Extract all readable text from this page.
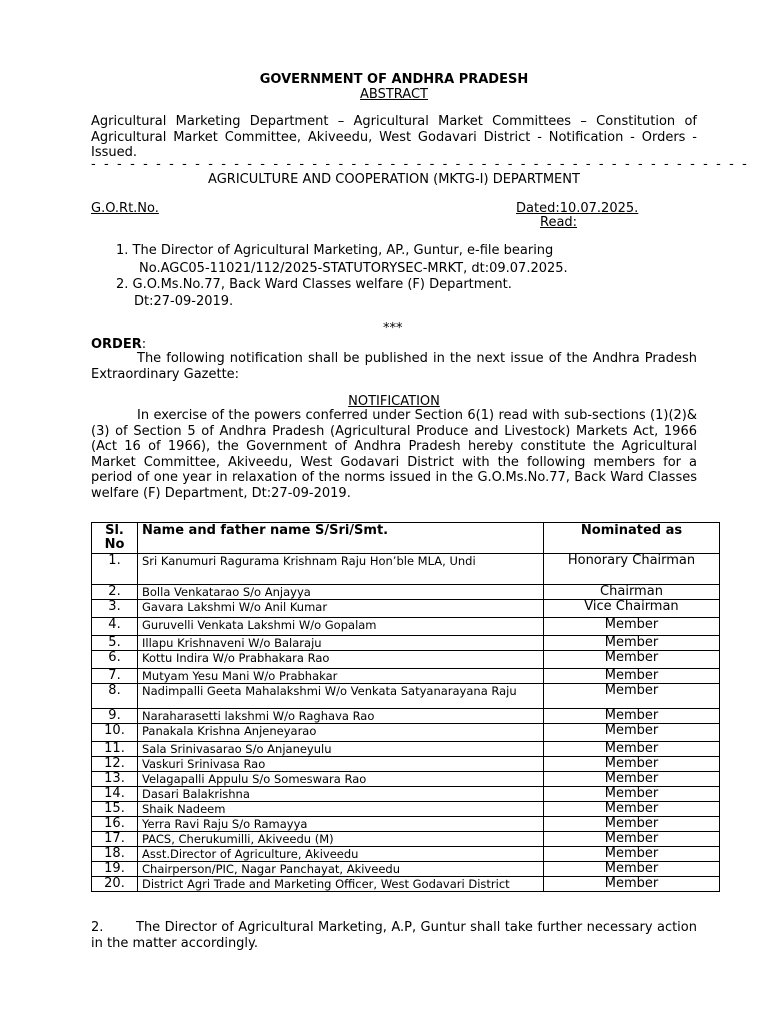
GOVERNMENT OF ANDHRA PRADESH
ABSTRACT
Agricultural Marketing Department – Agricultural Market Committees – Constitution of Agricultural Market Committee, Akiveedu, West Godavari District - Notification - Orders - Issued.
- - - - - - - - - - - - - - - - - - - - - - - - - - - - - - - - - - - - - - - - - - - - - - - - - - -
AGRICULTURE AND COOPERATION (MKTG-I) DEPARTMENT
G.O.Rt.No.	Dated:10.07.2025.
Read:
1. The Director of Agricultural Marketing, AP., Guntur, e-file bearing
No.AGC05-11021/112/2025-STATUTORYSEC-MRKT, dt:09.07.2025.
2. G.O.Ms.No.77, Back Ward Classes welfare (F) Department.
Dt:27-09-2019.
***
ORDER:
The following notification shall be published in the next issue of the Andhra Pradesh Extraordinary Gazette:
NOTIFICATION
In exercise of the powers conferred under Section 6(1) read with sub-sections (1)(2)&(3) of Section 5 of Andhra Pradesh (Agricultural Produce and Livestock) Markets Act, 1966 (Act 16 of 1966), the Government of Andhra Pradesh hereby constitute the Agricultural Market Committee, Akiveedu, West Godavari District with the following members for a period of one year in relaxation of the norms issued in the G.O.Ms.No.77, Back Ward Classes welfare (F) Department, Dt:27-09-2019.
Sl. No	Name and father name S/Sri/Smt.	Nominated as
1.	Sri Kanumuri Ragurama Krishnam Raju Hon’ble MLA, Undi	Honorary Chairman
2.	Bolla Venkatarao S/o Anjayya	Chairman
3.	Gavara Lakshmi W/o Anil Kumar	Vice Chairman
4.	Guruvelli Venkata Lakshmi W/o Gopalam	Member
5.	Illapu Krishnaveni W/o Balaraju	Member
6.	Kottu Indira W/o Prabhakara Rao	Member
7.	Mutyam Yesu Mani W/o Prabhakar	Member
8.	Nadimpalli Geeta Mahalakshmi W/o Venkata Satyanarayana Raju	Member
9.	Naraharasetti lakshmi W/o Raghava Rao	Member
10.	Panakala Krishna Anjeneyarao	Member
11.	Sala Srinivasarao S/o Anjaneyulu	Member
12.	Vaskuri Srinivasa Rao	Member
13.	Velagapalli Appulu S/o Someswara Rao	Member
14.	Dasari Balakrishna	Member
15.	Shaik Nadeem	Member
16.	Yerra Ravi Raju S/o Ramayya	Member
17.	PACS, Cherukumilli, Akiveedu (M)	Member
18.	Asst.Director of Agriculture, Akiveedu	Member
19.	Chairperson/PIC, Nagar Panchayat, Akiveedu	Member
20.	District Agri Trade and Marketing Officer, West Godavari District	Member
2.	The Director of Agricultural Marketing, A.P, Guntur shall take further necessary action in the matter accordingly.
